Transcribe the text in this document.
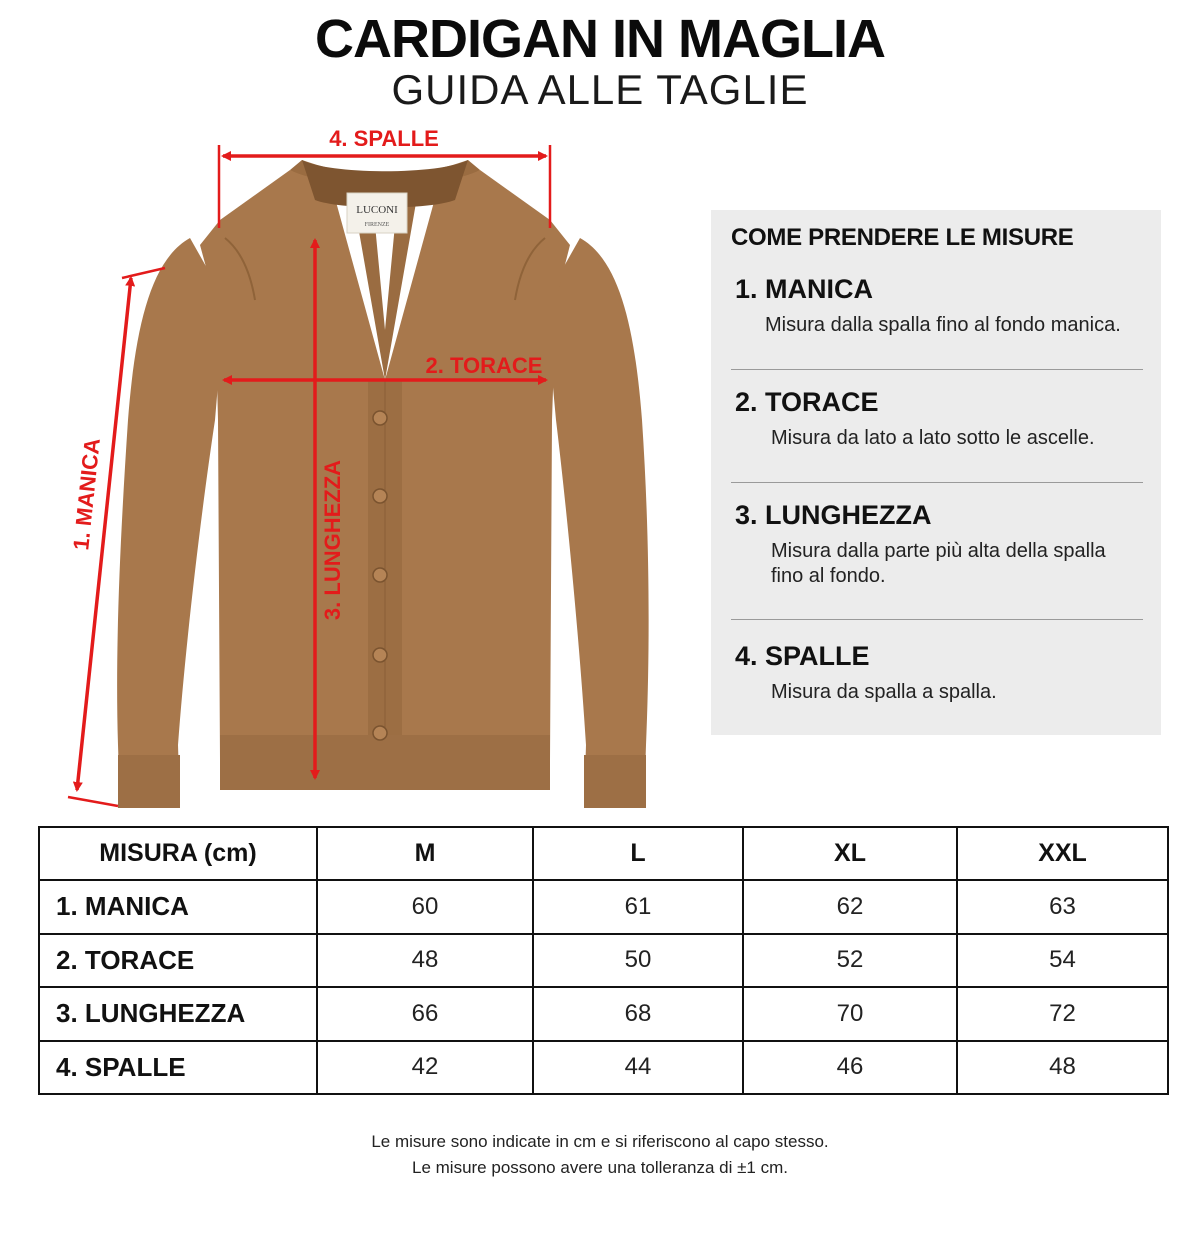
CARDIGAN IN MAGLIA
GUIDA ALLE TAGLIE
LUCONI
FIRENZE
4. SPALLE
2. TORACE
3. LUNGHEZZA
1. MANICA
COME PRENDERE LE MISURE
1. MANICA
Misura dalla spalla fino al fondo manica.
2. TORACE
Misura da lato a lato sotto le ascelle.
3. LUNGHEZZA
Misura dalla parte più alta della spalla fino al fondo.
4. SPALLE
Misura da spalla a spalla.
MISURA (cm)	M	L	XL	XXL
1. MANICA	60	61	62	63
2. TORACE	48	50	52	54
3. LUNGHEZZA	66	68	70	72
4. SPALLE	42	44	46	48
Le misure sono indicate in cm e si riferiscono al capo stesso.
Le misure possono avere una tolleranza di ±1 cm.
